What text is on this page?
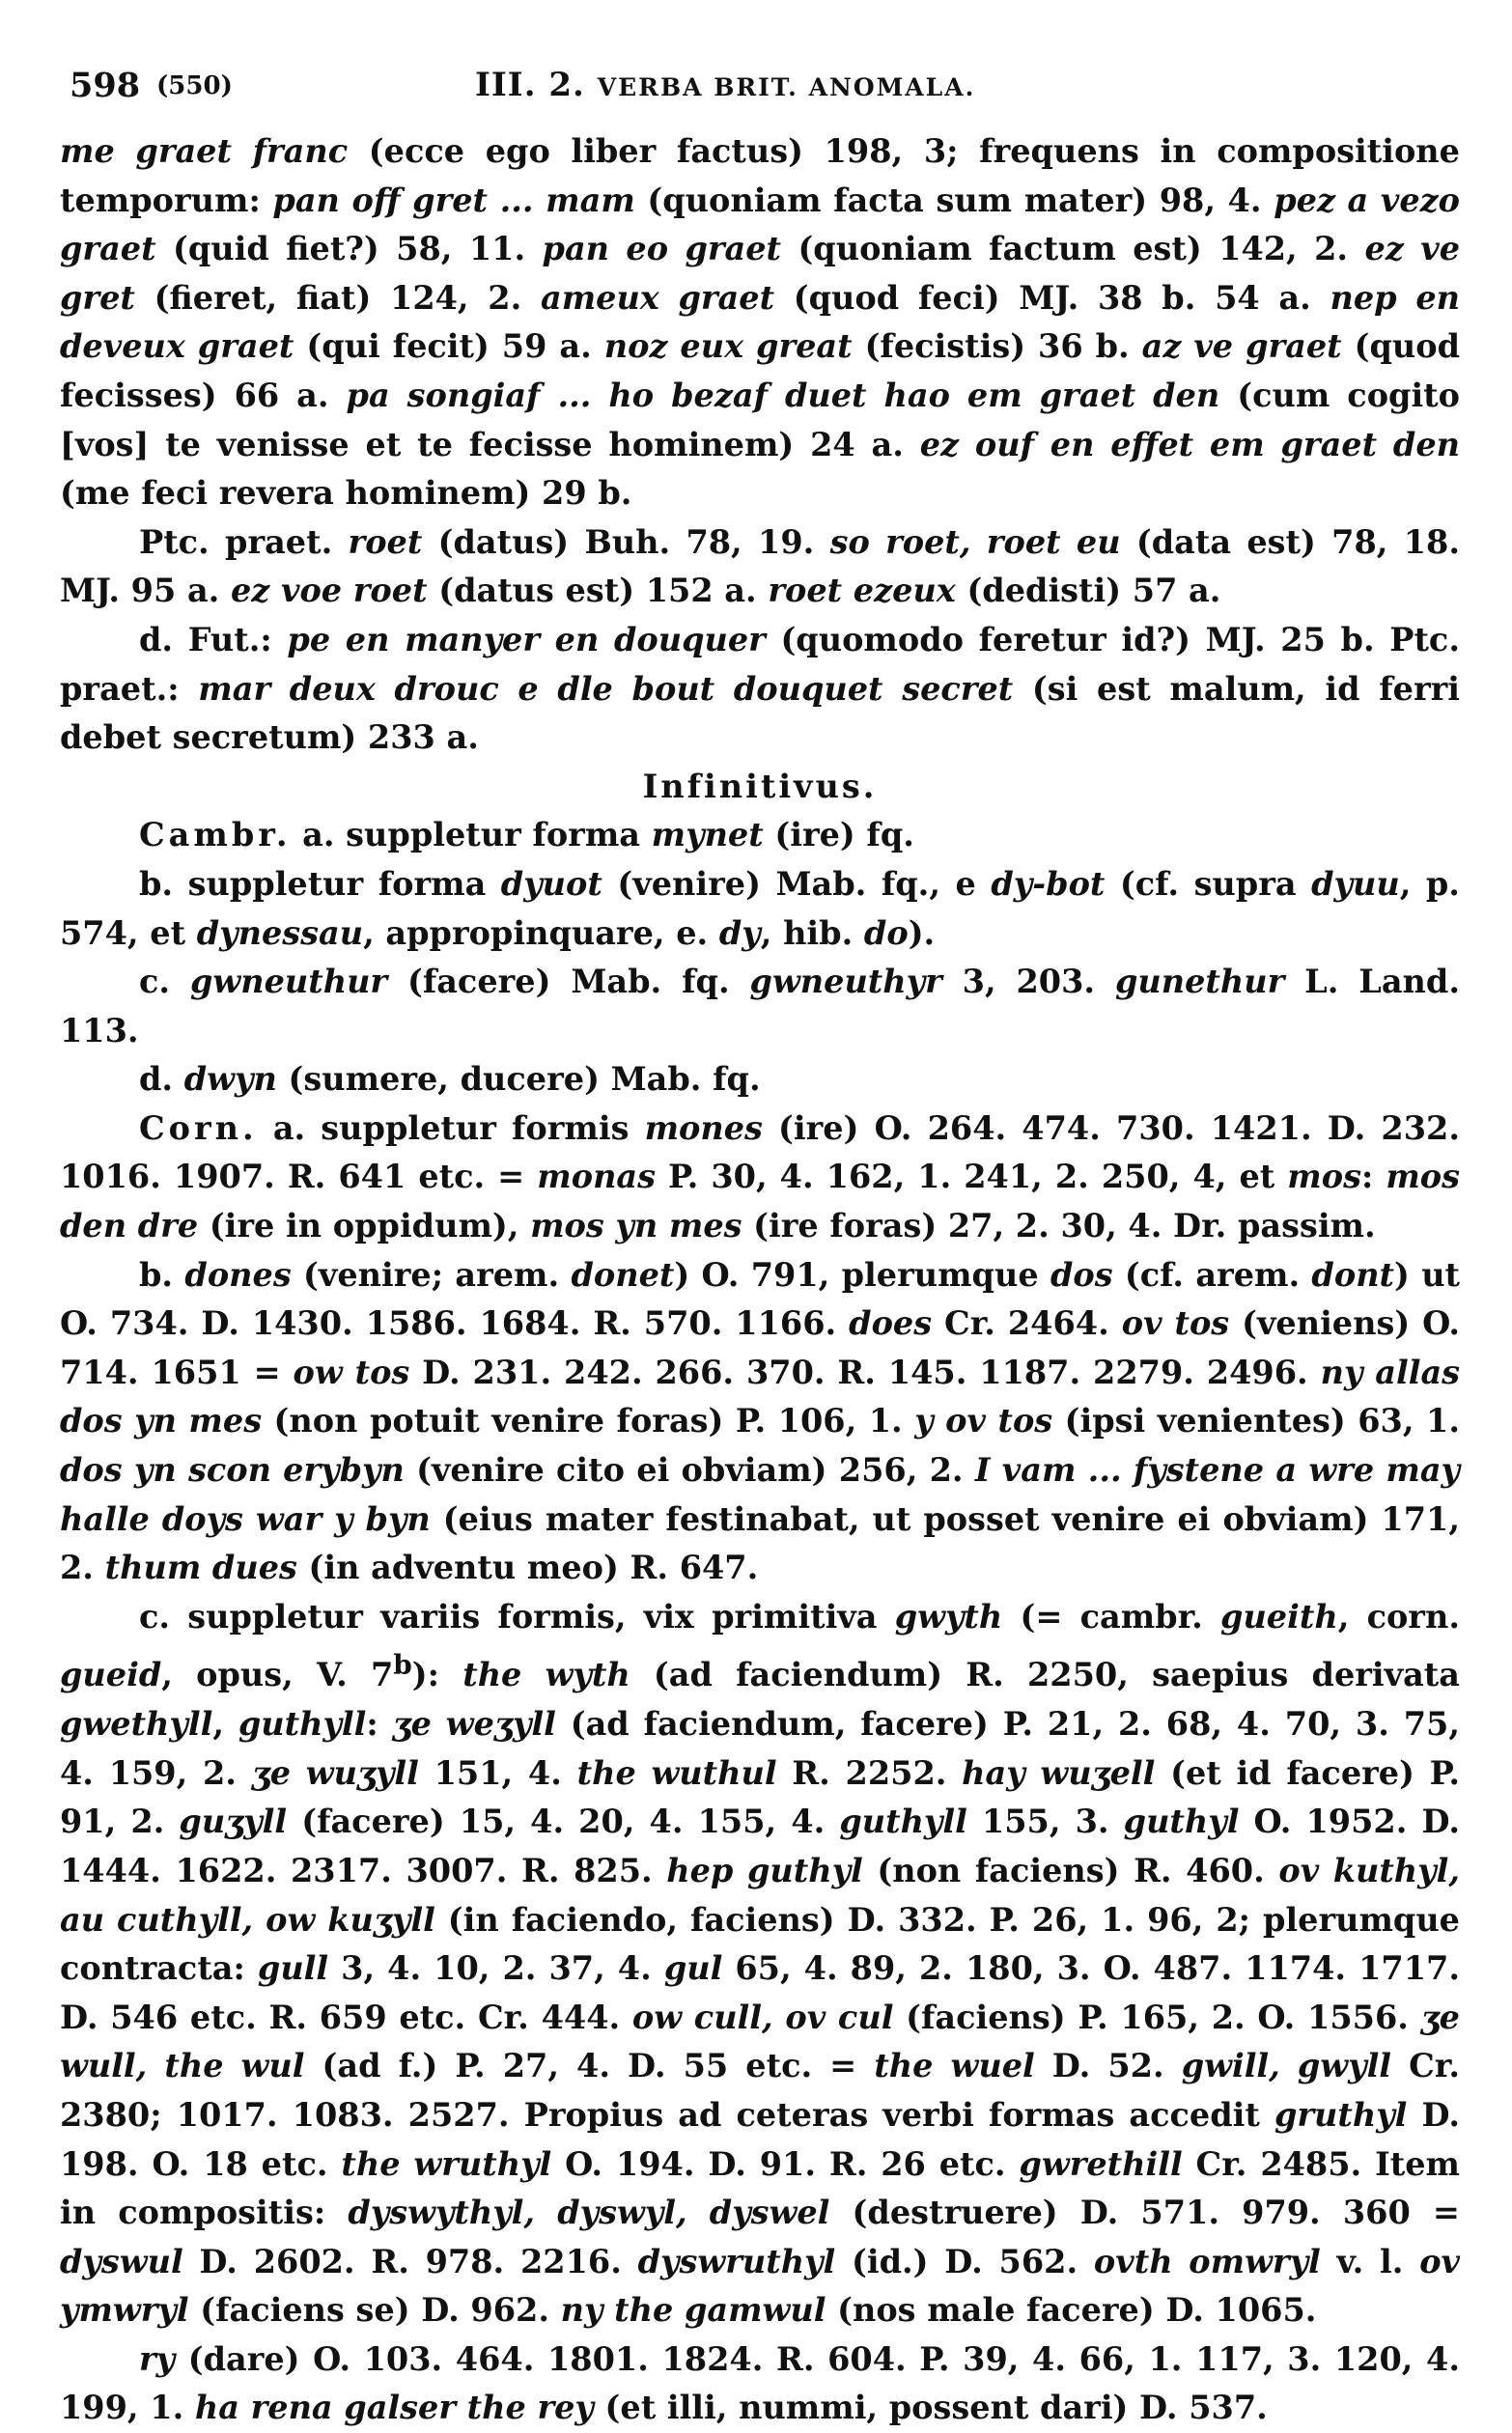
598 (550)	III. 2. VERBA BRIT. ANOMALA.

me graet franc (ecce ego liber factus) 198, 3; frequens in compositione temporum: pan off gret ... mam (quoniam facta sum mater) 98, 4. pez a vezo graet (quid fiet?) 58, 11. pan eo graet (quoniam factum est) 142, 2. ez ve gret (fieret, fiat) 124, 2. ameux graet (quod feci) MJ. 38 b. 54 a. nep en deveux graet (qui fecit) 59 a. noz eux great (fecistis) 36 b. az ve graet (quod fecisses) 66 a. pa songiaf ... ho bezaf duet hao em graet den (cum cogito [vos] te venisse et te fecisse hominem) 24 a. ez ouf en effet em graet den (me feci revera hominem) 29 b.

Ptc. praet. roet (datus) Buh. 78, 19. so roet, roet eu (data est) 78, 18. MJ. 95 a. ez voe roet (datus est) 152 a. roet ezeux (dedisti) 57 a.

d. Fut.: pe en manyer en douquer (quomodo feretur id?) MJ. 25 b. Ptc. praet.: mar deux drouc e dle bout douquet secret (si est malum, id ferri debet secretum) 233 a.

Infinitivus.

Cambr. a. suppletur forma mynet (ire) fq.

b. suppletur forma dyuot (venire) Mab. fq., e dy-bot (cf. supra dyuu, p. 574, et dynessau, appropinquare, e. dy, hib. do).

c. gwneuthur (facere) Mab. fq. gwneuthyr 3, 203. gunethur L. Land. 113.

d. dwyn (sumere, ducere) Mab. fq.

Corn. a. suppletur formis mones (ire) O. 264. 474. 730. 1421. D. 232. 1016. 1907. R. 641 etc. = monas P. 30, 4. 162, 1. 241, 2. 250, 4, et mos: mos den dre (ire in oppidum), mos yn mes (ire foras) 27, 2. 30, 4. Dr. passim.

b. dones (venire; arem. donet) O. 791, plerumque dos (cf. arem. dont) ut O. 734. D. 1430. 1586. 1684. R. 570. 1166. does Cr. 2464. ov tos (veniens) O. 714. 1651 = ow tos D. 231. 242. 266. 370. R. 145. 1187. 2279. 2496. ny allas dos yn mes (non potuit venire foras) P. 106, 1. y ov tos (ipsi venientes) 63, 1. dos yn scon erybyn (venire cito ei obviam) 256, 2. I vam ... fystene a wre may halle doys war y byn (eius mater festinabat, ut posset venire ei obviam) 171, 2. thum dues (in adventu meo) R. 647.

c. suppletur variis formis, vix primitiva gwyth (= cambr. gueith, corn. gueid, opus, V. 7$^b$): the wyth (ad faciendum) R. 2250, saepius derivata gwethyll, guthyll: ʒe weʒyll (ad faciendum, facere) P. 21, 2. 68, 4. 70, 3. 75, 4. 159, 2. ʒe wuʒyll 151, 4. the wuthul R. 2252. hay wuʒell (et id facere) P. 91, 2. guʒyll (facere) 15, 4. 20, 4. 155, 4. guthyll 155, 3. guthyl O. 1952. D. 1444. 1622. 2317. 3007. R. 825. hep guthyl (non faciens) R. 460. ov kuthyl, au cuthyll, ow kuʒyll (in faciendo, faciens) D. 332. P. 26, 1. 96, 2; plerumque contracta: gull 3, 4. 10, 2. 37, 4. gul 65, 4. 89, 2. 180, 3. O. 487. 1174. 1717. D. 546 etc. R. 659 etc. Cr. 444. ow cull, ov cul (faciens) P. 165, 2. O. 1556. ʒe wull, the wul (ad f.) P. 27, 4. D. 55 etc. = the wuel D. 52. gwill, gwyll Cr. 2380; 1017. 1083. 2527. Propius ad ceteras verbi formas accedit gruthyl D. 198. O. 18 etc. the wruthyl O. 194. D. 91. R. 26 etc. gwrethill Cr. 2485. Item in compositis: dyswythyl, dyswyl, dyswel (destruere) D. 571. 979. 360 = dyswul D. 2602. R. 978. 2216. dyswruthyl (id.) D. 562. ovth omwryl v. l. ov ymwryl (faciens se) D. 962. ny the gamwul (nos male facere) D. 1065.

ry (dare) O. 103. 464. 1801. 1824. R. 604. P. 39, 4. 66, 1. 117, 3. 120, 4. 199, 1. ha rena galser the rey (et illi, nummi, possent dari) D. 537.
